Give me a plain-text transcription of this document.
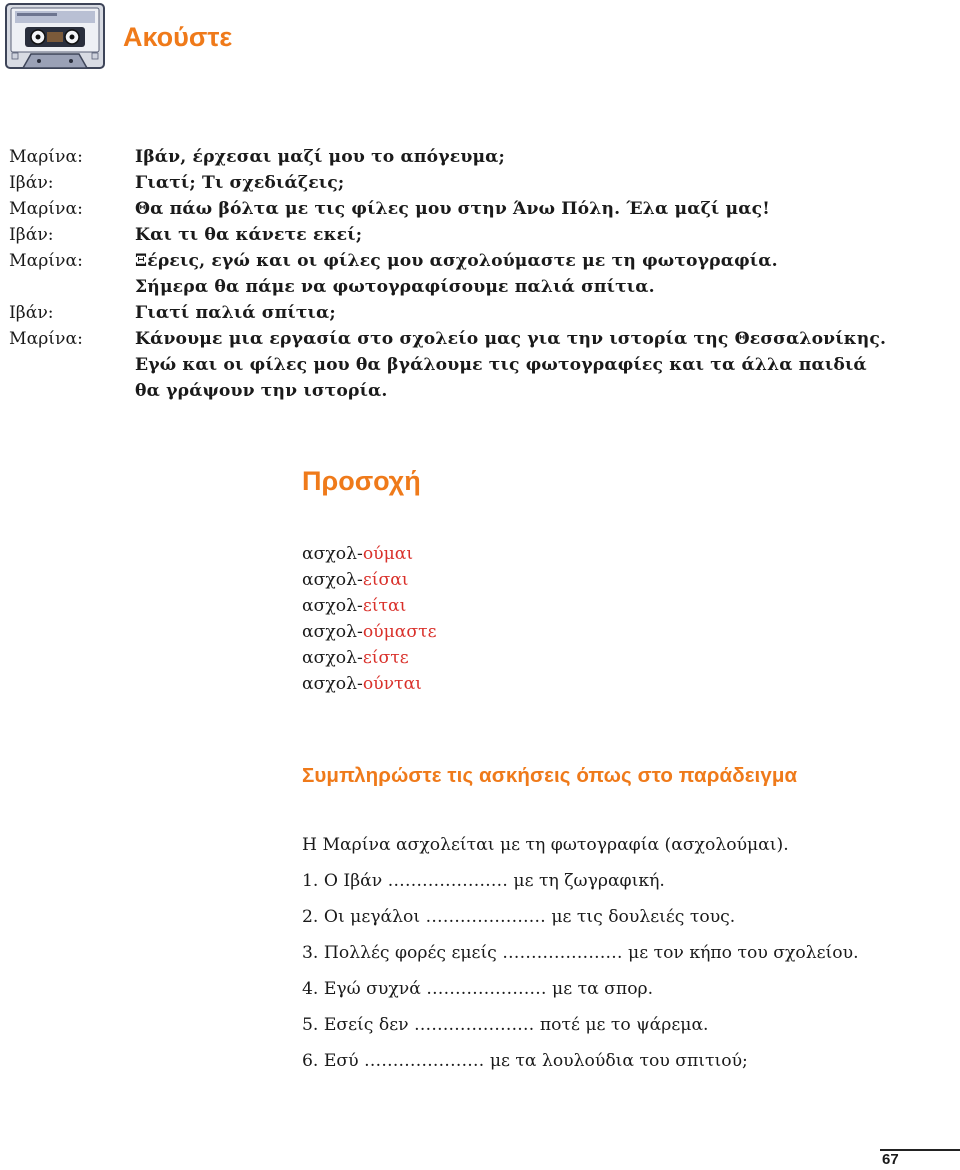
Ακούστε
Μαρίνα:	Ιβάν, έρχεσαι μαζί μου το απόγευμα;
Ιβάν:	Γιατί; Τι σχεδιάζεις;
Μαρίνα:	Θα πάω βόλτα με τις φίλες μου στην Άνω Πόλη. Έλα μαζί μας!
Ιβάν:	Και τι θα κάνετε εκεί;
Μαρίνα:	Ξέρεις, εγώ και οι φίλες μου ασχολούμαστε με τη φωτογραφία.
Σήμερα θα πάμε να φωτογραφίσουμε παλιά σπίτια.
Ιβάν:	Γιατί παλιά σπίτια;
Μαρίνα:	Κάνουμε μια εργασία στο σχολείο μας για την ιστορία της Θεσσαλονίκης.
Εγώ και οι φίλες μου θα βγάλουμε τις φωτογραφίες και τα άλλα παιδιά
θα γράψουν την ιστορία.
Προσοχή
ασχολ-ούμαι
ασχολ-είσαι
ασχολ-είται
ασχολ-ούμαστε
ασχολ-είστε
ασχολ-ούνται
Συμπληρώστε τις ασκήσεις όπως στο παράδειγμα
Η Μαρίνα ασχολείται με τη φωτογραφία (ασχολούμαι).
1. Ο Ιβάν ………………… με τη ζωγραφική.
2. Οι μεγάλοι ………………… με τις δουλειές τους.
3. Πολλές φορές εμείς ………………… με τον κήπο του σχολείου.
4. Εγώ συχνά ………………… με τα σπορ.
5. Εσείς δεν ………………… ποτέ με το ψάρεμα.
6. Εσύ ………………… με τα λουλούδια του σπιτιού;
67
